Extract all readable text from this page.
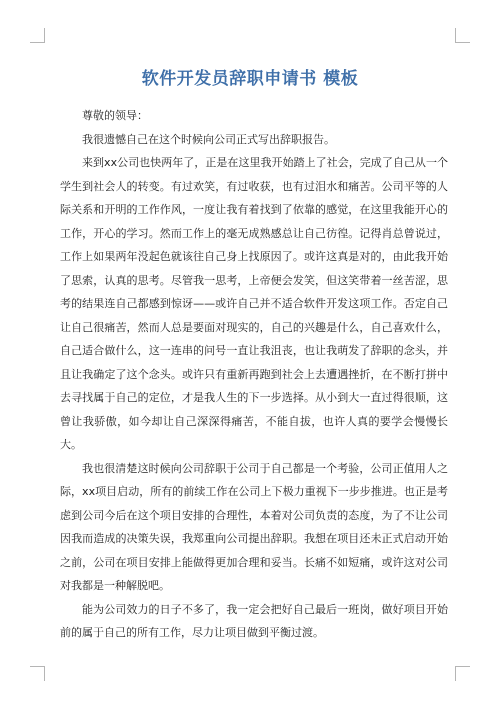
软件开发员辞职申请书 模板

尊敬的领导：

我很遗憾自己在这个时候向公司正式写出辞职报告。

来到xx公司也快两年了，正是在这里我开始踏上了社会，完成了自己从一个学生到社会人的转变。有过欢笑，有过收获，也有过泪水和痛苦。公司平等的人际关系和开明的工作作风，一度让我有着找到了依靠的感觉，在这里我能开心的工作，开心的学习。然而工作上的毫无成熟感总让自己彷徨。记得肖总曾说过，工作上如果两年没起色就该往自己身上找原因了。或许这真是对的，由此我开始了思索，认真的思考。尽管我一思考，上帝便会发笑，但这笑带着一丝苦涩，思考的结果连自己都感到惊讶——或许自己并不适合软件开发这项工作。否定自己让自己很痛苦，然而人总是要面对现实的，自己的兴趣是什么，自己喜欢什么，自己适合做什么，这一连串的问号一直让我沮丧，也让我萌发了辞职的念头，并且让我确定了这个念头。或许只有重新再跑到社会上去遭遇挫折，在不断打拼中去寻找属于自己的定位，才是我人生的下一步选择。从小到大一直过得很顺，这曾让我骄傲，如今却让自己深深得痛苦，不能自拔，也许人真的要学会慢慢长大。

我也很清楚这时候向公司辞职于公司于自己都是一个考验，公司正值用人之际，xx项目启动，所有的前续工作在公司上下极力重视下一步步推进。也正是考虑到公司今后在这个项目安排的合理性，本着对公司负责的态度，为了不让公司因我而造成的决策失误，我郑重向公司提出辞职。我想在项目还未正式启动开始之前，公司在项目安排上能做得更加合理和妥当。长痛不如短痛，或许这对公司对我都是一种解脱吧。

能为公司效力的日子不多了，我一定会把好自己最后一班岗，做好项目开始前的属于自己的所有工作，尽力让项目做到平衡过渡。
